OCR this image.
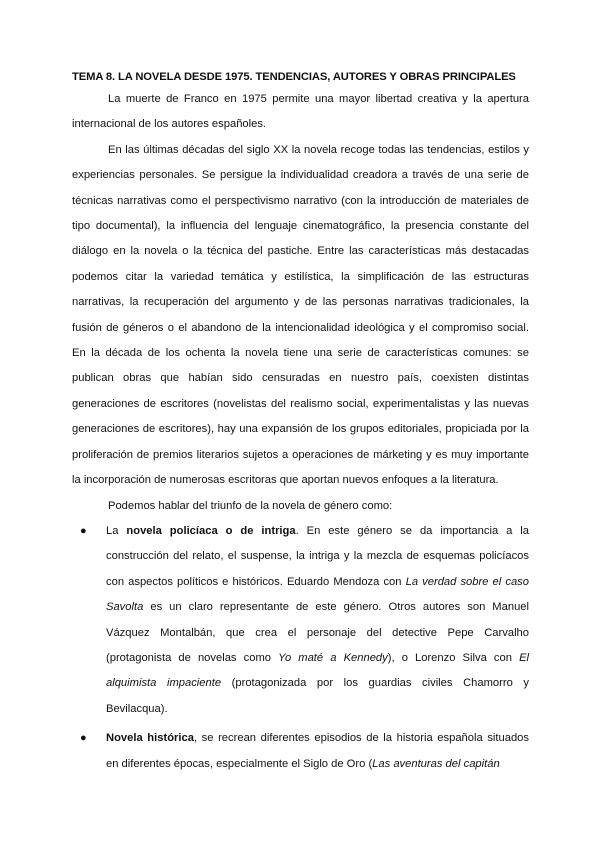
TEMA 8. LA NOVELA DESDE 1975. TENDENCIAS, AUTORES Y OBRAS PRINCIPALES

La muerte de Franco en 1975 permite una mayor libertad creativa y la apertura internacional de los autores españoles.

En las últimas décadas del siglo XX la novela recoge todas las tendencias, estilos y experiencias personales. Se persigue la individualidad creadora a través de una serie de técnicas narrativas como el perspectivismo narrativo (con la introducción de materiales de tipo documental), la influencia del lenguaje cinematográfico, la presencia constante del diálogo en la novela o la técnica del pastiche. Entre las características más destacadas podemos citar la variedad temática y estilística, la simplificación de las estructuras narrativas, la recuperación del argumento y de las personas narrativas tradicionales, la fusión de géneros o el abandono de la intencionalidad ideológica y el compromiso social. En la década de los ochenta la novela tiene una serie de características comunes: se publican obras que habían sido censuradas en nuestro país, coexisten distintas generaciones de escritores (novelistas del realismo social, experimentalistas y las nuevas generaciones de escritores), hay una expansión de los grupos editoriales, propiciada por la proliferación de premios literarios sujetos a operaciones de márketing y es muy importante la incorporación de numerosas escritoras que aportan nuevos enfoques a la literatura.

Podemos hablar del triunfo de la novela de género como:

● La novela policíaca o de intriga. En este género se da importancia a la construcción del relato, el suspense, la intriga y la mezcla de esquemas policíacos con aspectos políticos e históricos. Eduardo Mendoza con La verdad sobre el caso Savolta es un claro representante de este género. Otros autores son Manuel Vázquez Montalbán, que crea el personaje del detective Pepe Carvalho (protagonista de novelas como Yo maté a Kennedy), o Lorenzo Silva con El alquimista impaciente (protagonizada por los guardias civiles Chamorro y Bevilacqua).
● Novela histórica, se recrean diferentes episodios de la historia española situados en diferentes épocas, especialmente el Siglo de Oro (Las aventuras del capitán
